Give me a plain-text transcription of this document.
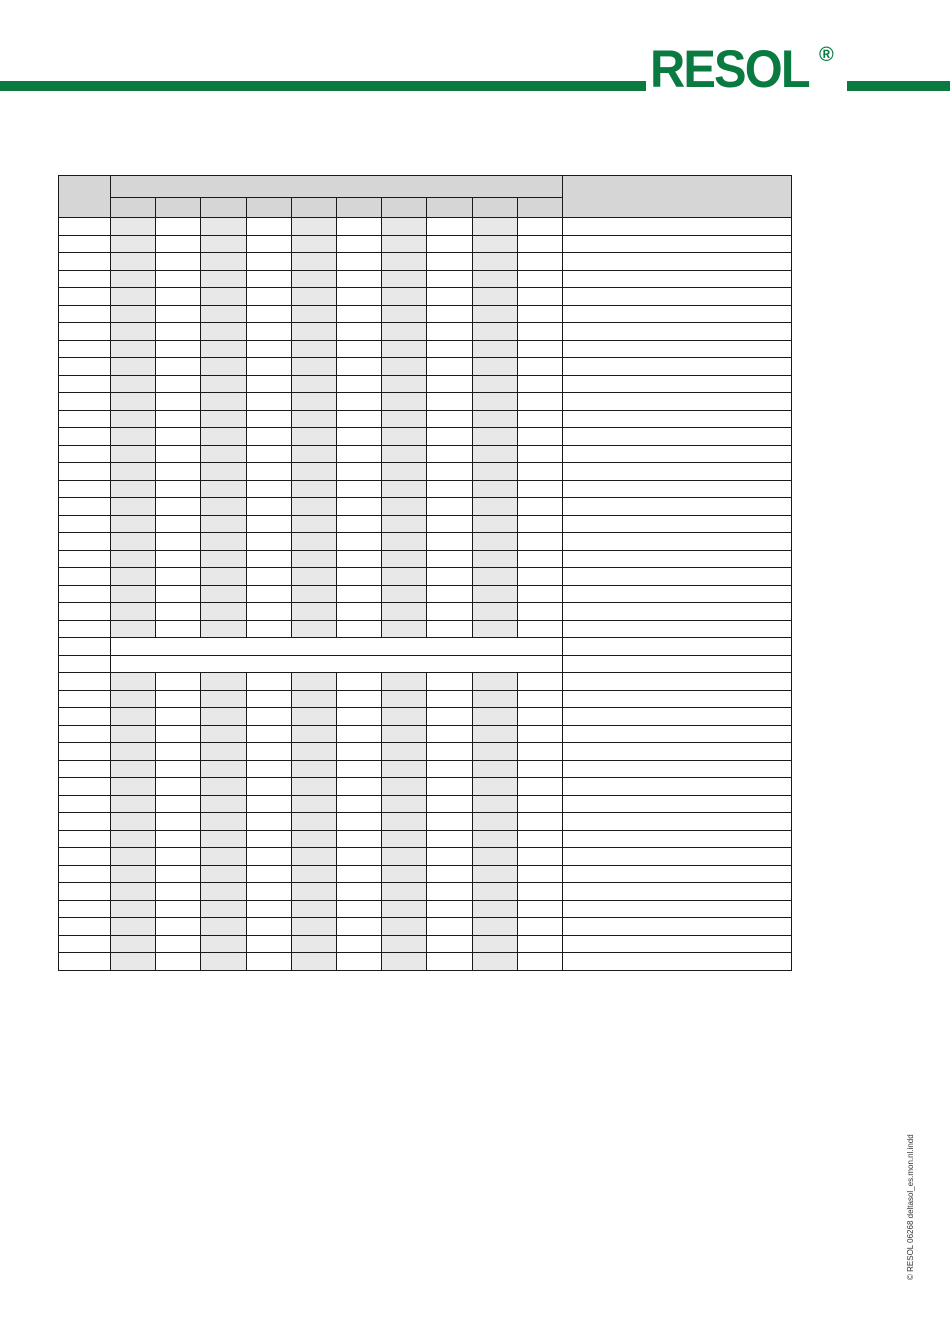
RESOL ®

© RESOL 06268 deltasol_es.mon.nl.indd
